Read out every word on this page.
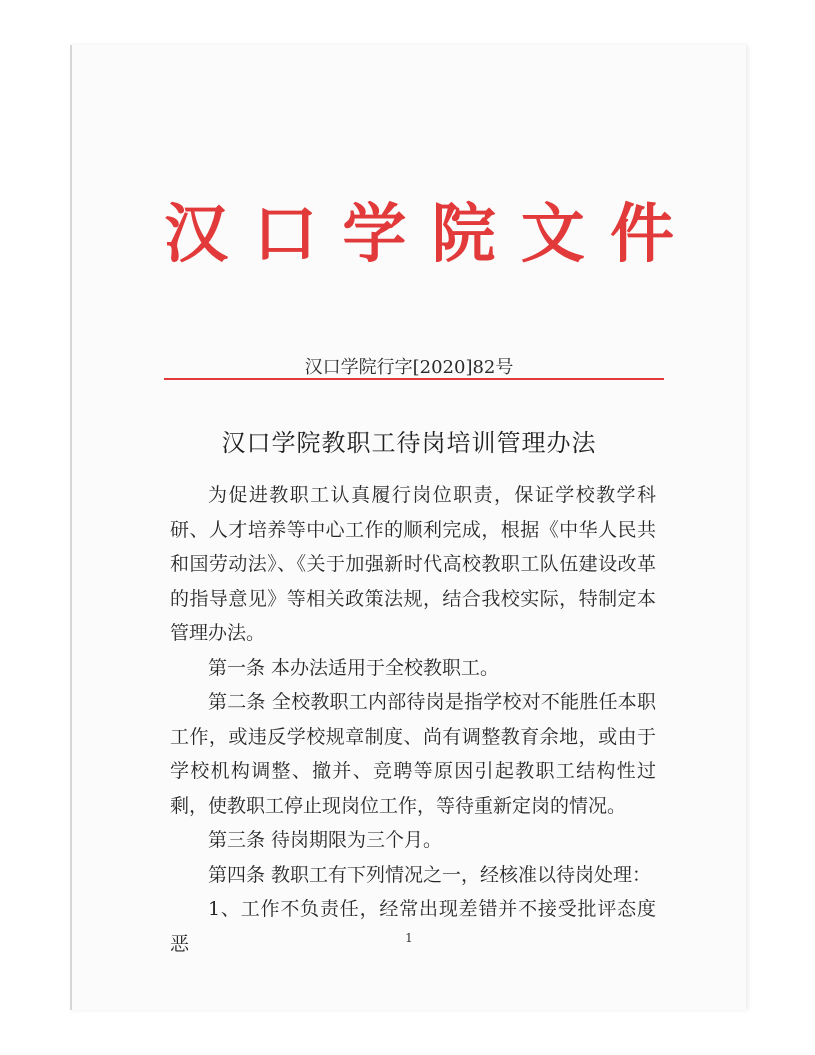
汉 口 学 院 文 件
汉口学院行字[2020]82号
汉口学院教职工待岗培训管理办法

为促进教职工认真履行岗位职责，保证学校教学科研、人才培养等中心工作的顺利完成，根据《中华人民共和国劳动法》、《关于加强新时代高校教职工队伍建设改革的指导意见》等相关政策法规，结合我校实际，特制定本管理办法。

第一条 本办法适用于全校教职工。

第二条 全校教职工内部待岗是指学校对不能胜任本职工作，或违反学校规章制度、尚有调整教育余地，或由于学校机构调整、撤并、竞聘等原因引起教职工结构性过剩，使教职工停止现岗位工作，等待重新定岗的情况。

第三条 待岗期限为三个月。

第四条 教职工有下列情况之一，经核准以待岗处理：

1、工作不负责任，经常出现差错并不接受批评态度恶	1
